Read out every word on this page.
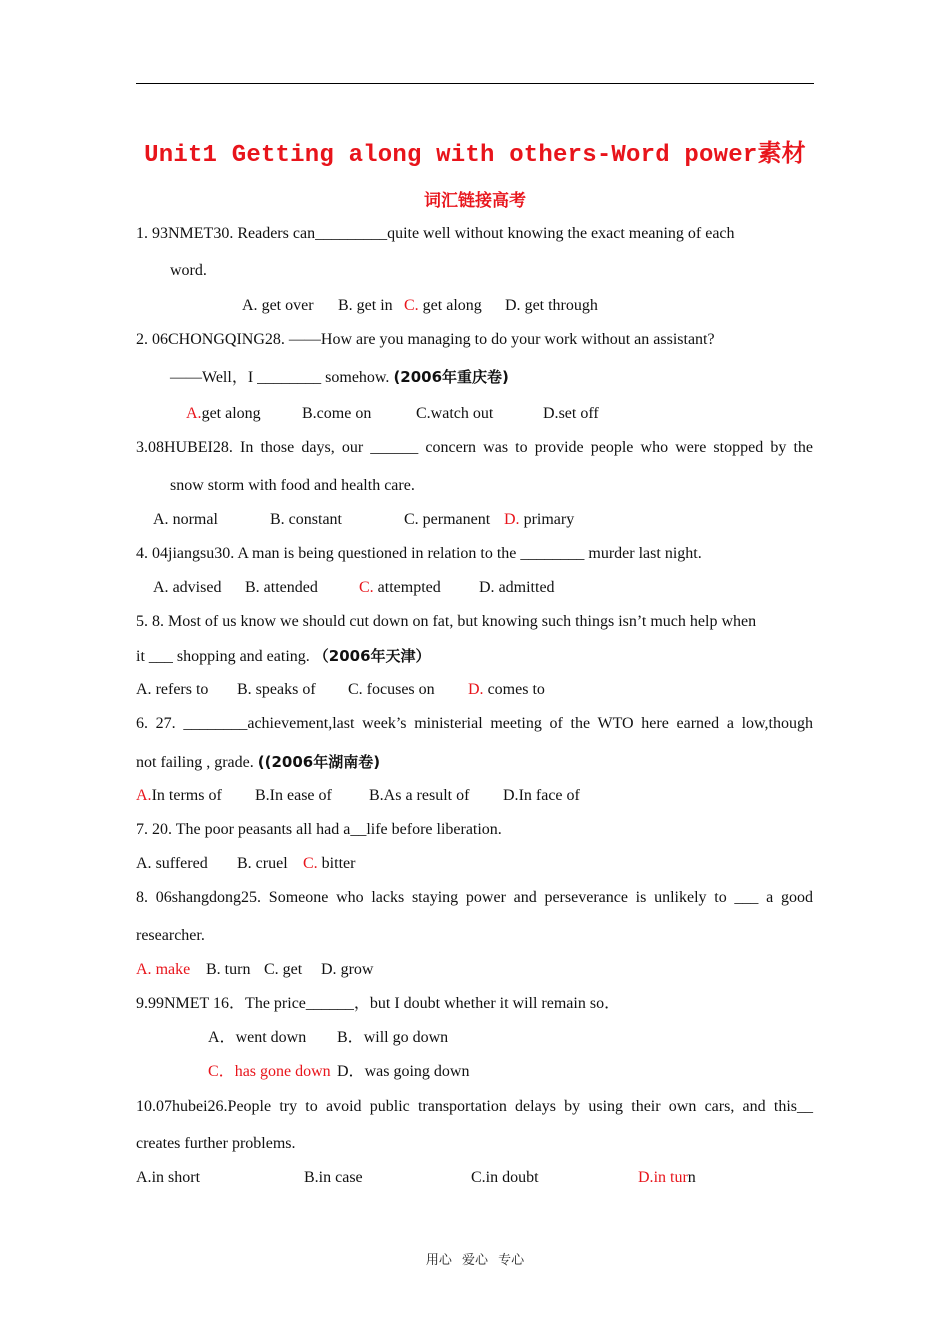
Unit1 Getting along with others-Word power素材
词汇链接高考
1. 93NMET30. Readers can_________quite well without knowing the exact meaning of each
word.
A. get over B. get in C. get along D. get through
2. 06CHONGQING28. ——How are you managing to do your work without an assistant?
——Well，I ________ somehow. (2006年重庆卷)
A.get along	B.come on	C.watch out	D.set off
3.08HUBEI28. In those days, our ______ concern was to provide people who were stopped by the
snow storm with food and health care.
A. normal	B. constant	C. permanent D. primary
4. 04jiangsu30. A man is being questioned in relation to the ________ murder last night.
A. advised B. attended	C. attempted D. admitted
5. 8. Most of us know we should cut down on fat, but knowing such things isn’t much help when
it ___ shopping and eating. （2006年天津）
A. refers to B. speaks of C. focuses on D. comes to
6. 27. ________achievement,last week’s ministerial meeting of the WTO here earned a low,though
not failing , grade. ((2006年湖南卷)
A.In terms of B.In ease of B.As a result of D.In face of
7. 20. The poor peasants all had a__life before liberation.
A. suffered B. cruel C. bitter
8. 06shangdong25. Someone who lacks staying power and perseverance is unlikely to ___ a good
researcher.
A. make B. turn C. get D. grow
9.99NMET 16．The price______，but I doubt whether it will remain so．
A．went down B．will go down
C．has gone down D．was going down
10.07hubei26.People try to avoid public transportation delays by using their own cars, and this__
creates further problems.
A.in short	B.in case	C.in doubt	D.in turn
用心 爱心 专心
